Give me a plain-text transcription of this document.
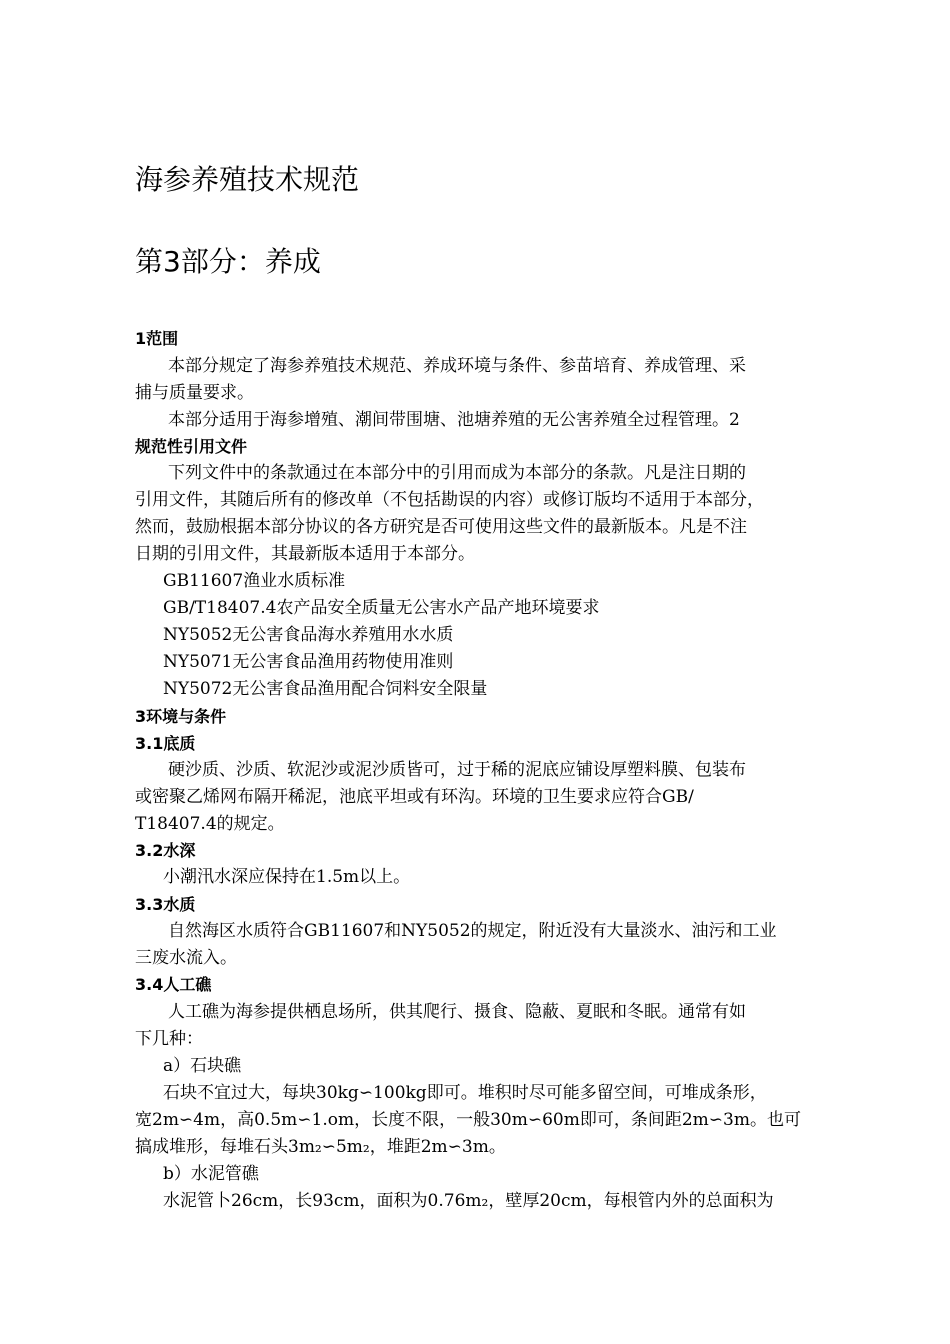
海参养殖技术规范
第3部分：养成
1范围
本部分规定了海参养殖技术规范、养成环境与条件、参苗培育、养成管理、采
捕与质量要求。
本部分适用于海参增殖、潮间带围塘、池塘养殖的无公害养殖全过程管理。2
规范性引用文件
下列文件中的条款通过在本部分中的引用而成为本部分的条款。凡是注日期的
引用文件，其随后所有的修改单（不包括勘误的内容）或修订版均不适用于本部分，
然而，鼓励根据本部分协议的各方研究是否可使用这些文件的最新版本。凡是不注
日期的引用文件，其最新版本适用于本部分。
GB11607渔业水质标准
GB/T18407.4农产品安全质量无公害水产品产地环境要求
NY5052无公害食品海水养殖用水水质
NY5071无公害食品渔用药物使用准则
NY5072无公害食品渔用配合饲料安全限量
3环境与条件
3.1底质
硬沙质、沙质、软泥沙或泥沙质皆可，过于稀的泥底应铺设厚塑料膜、包装布
或密聚乙烯网布隔开稀泥，池底平坦或有环沟。环境的卫生要求应符合GB/
T18407.4的规定。
3.2水深
小潮汛水深应保持在1.5m以上。
3.3水质
自然海区水质符合GB11607和NY5052的规定，附近没有大量淡水、油污和工业
三废水流入。
3.4人工礁
人工礁为海参提供栖息场所，供其爬行、摄食、隐蔽、夏眠和冬眠。通常有如
下几种：
a）石块礁
石块不宜过大，每块30kg∽100kg即可。堆积时尽可能多留空间，可堆成条形，
宽2m∽4m，高0.5m∽1.om，长度不限，一般30m∽60m即可，条间距2m∽3m。也可
搞成堆形，每堆石头3m₂∽5m₂，堆距2m∽3m。
b）水泥管礁
水泥管卜26cm，长93cm，面积为0.76m₂，壁厚20cm，每根管内外的总面积为
